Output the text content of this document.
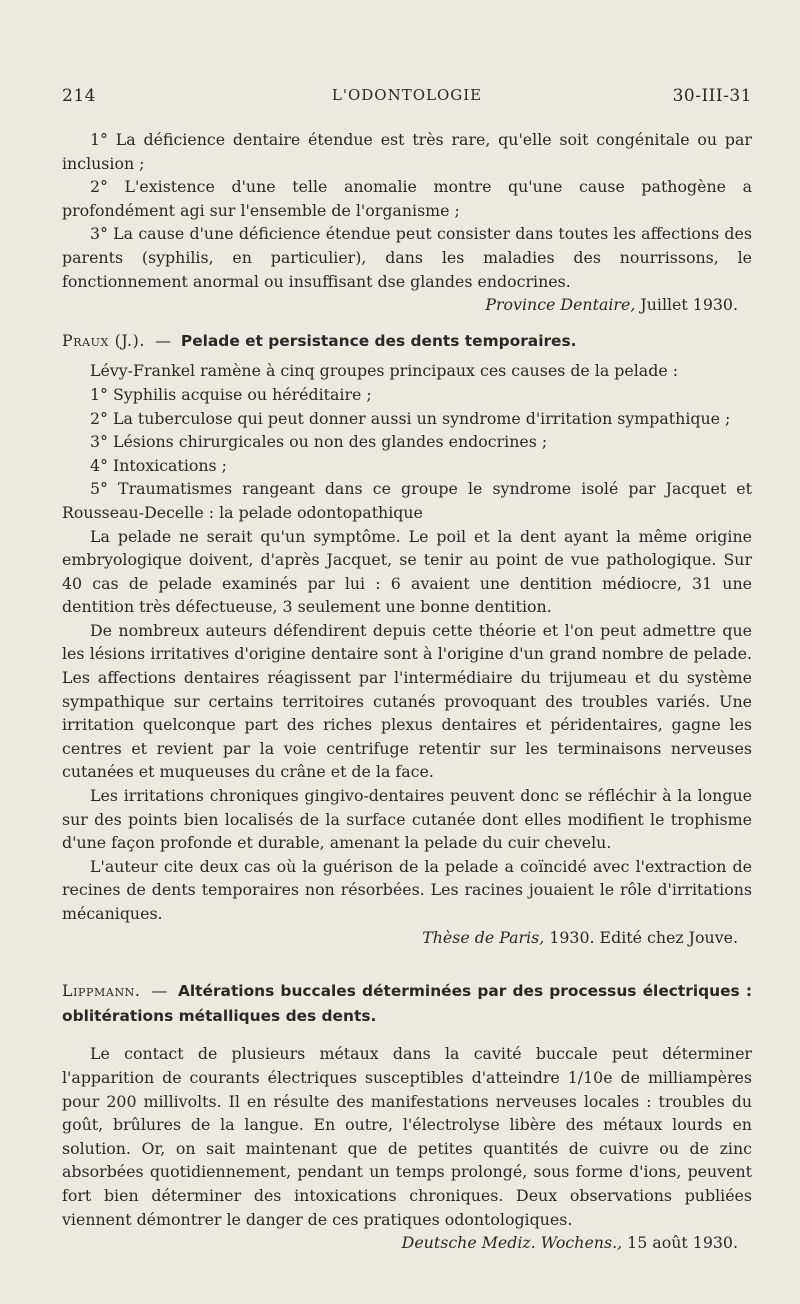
214	L'ODONTOLOGIE	30-III-31

1° La déficience dentaire étendue est très rare, qu'elle soit congénitale ou par inclusion ;

2° L'existence d'une telle anomalie montre qu'une cause pathogène a profondément agi sur l'ensemble de l'organisme ;

3° La cause d'une déficience étendue peut consister dans toutes les affections des parents (syphilis, en particulier), dans les maladies des nourrissons, le fonctionnement anormal ou insuffisant dse glandes endocrines.

Province Dentaire, Juillet 1930.

Praux (J.). — Pelade et persistance des dents temporaires.

Lévy-Frankel ramène à cinq groupes principaux ces causes de la pelade :

1° Syphilis acquise ou héréditaire ;

2° La tuberculose qui peut donner aussi un syndrome d'irritation sympathique ;

3° Lésions chirurgicales ou non des glandes endocrines ;

4° Intoxications ;

5° Traumatismes rangeant dans ce groupe le syndrome isolé par Jacquet et Rousseau-Decelle : la pelade odontopathique

La pelade ne serait qu'un symptôme. Le poil et la dent ayant la même origine embryologique doivent, d'après Jacquet, se tenir au point de vue pathologique. Sur 40 cas de pelade examinés par lui : 6 avaient une dentition médiocre, 31 une dentition très défectueuse, 3 seulement une bonne dentition.

De nombreux auteurs défendirent depuis cette théorie et l'on peut admettre que les lésions irritatives d'origine dentaire sont à l'origine d'un grand nombre de pelade. Les affections dentaires réagissent par l'intermédiaire du trijumeau et du système sympathique sur certains territoires cutanés provoquant des troubles variés. Une irritation quelconque part des riches plexus dentaires et péridentaires, gagne les centres et revient par la voie centrifuge retentir sur les terminaisons nerveuses cutanées et muqueuses du crâne et de la face.

Les irritations chroniques gingivo-dentaires peuvent donc se réfléchir à la longue sur des points bien localisés de la surface cutanée dont elles modifient le trophisme d'une façon profonde et durable, amenant la pelade du cuir chevelu.

L'auteur cite deux cas où la guérison de la pelade a coïncidé avec l'extraction de recines de dents temporaires non résorbées. Les racines jouaient le rôle d'irritations mécaniques.

Thèse de Paris, 1930. Edité chez Jouve.

Lippmann. — Altérations buccales déterminées par des processus électriques : oblitérations métalliques des dents.

Le contact de plusieurs métaux dans la cavité buccale peut déterminer l'apparition de courants électriques susceptibles d'atteindre 1/10e de milliampères pour 200 millivolts. Il en résulte des manifestations nerveuses locales : troubles du goût, brûlures de la langue. En outre, l'électrolyse libère des métaux lourds en solution. Or, on sait maintenant que de petites quantités de cuivre ou de zinc absorbées quotidiennement, pendant un temps prolongé, sous forme d'ions, peuvent fort bien déterminer des intoxications chroniques. Deux observations publiées viennent démontrer le danger de ces pratiques odontologiques.

Deutsche Mediz. Wochens., 15 août 1930.
